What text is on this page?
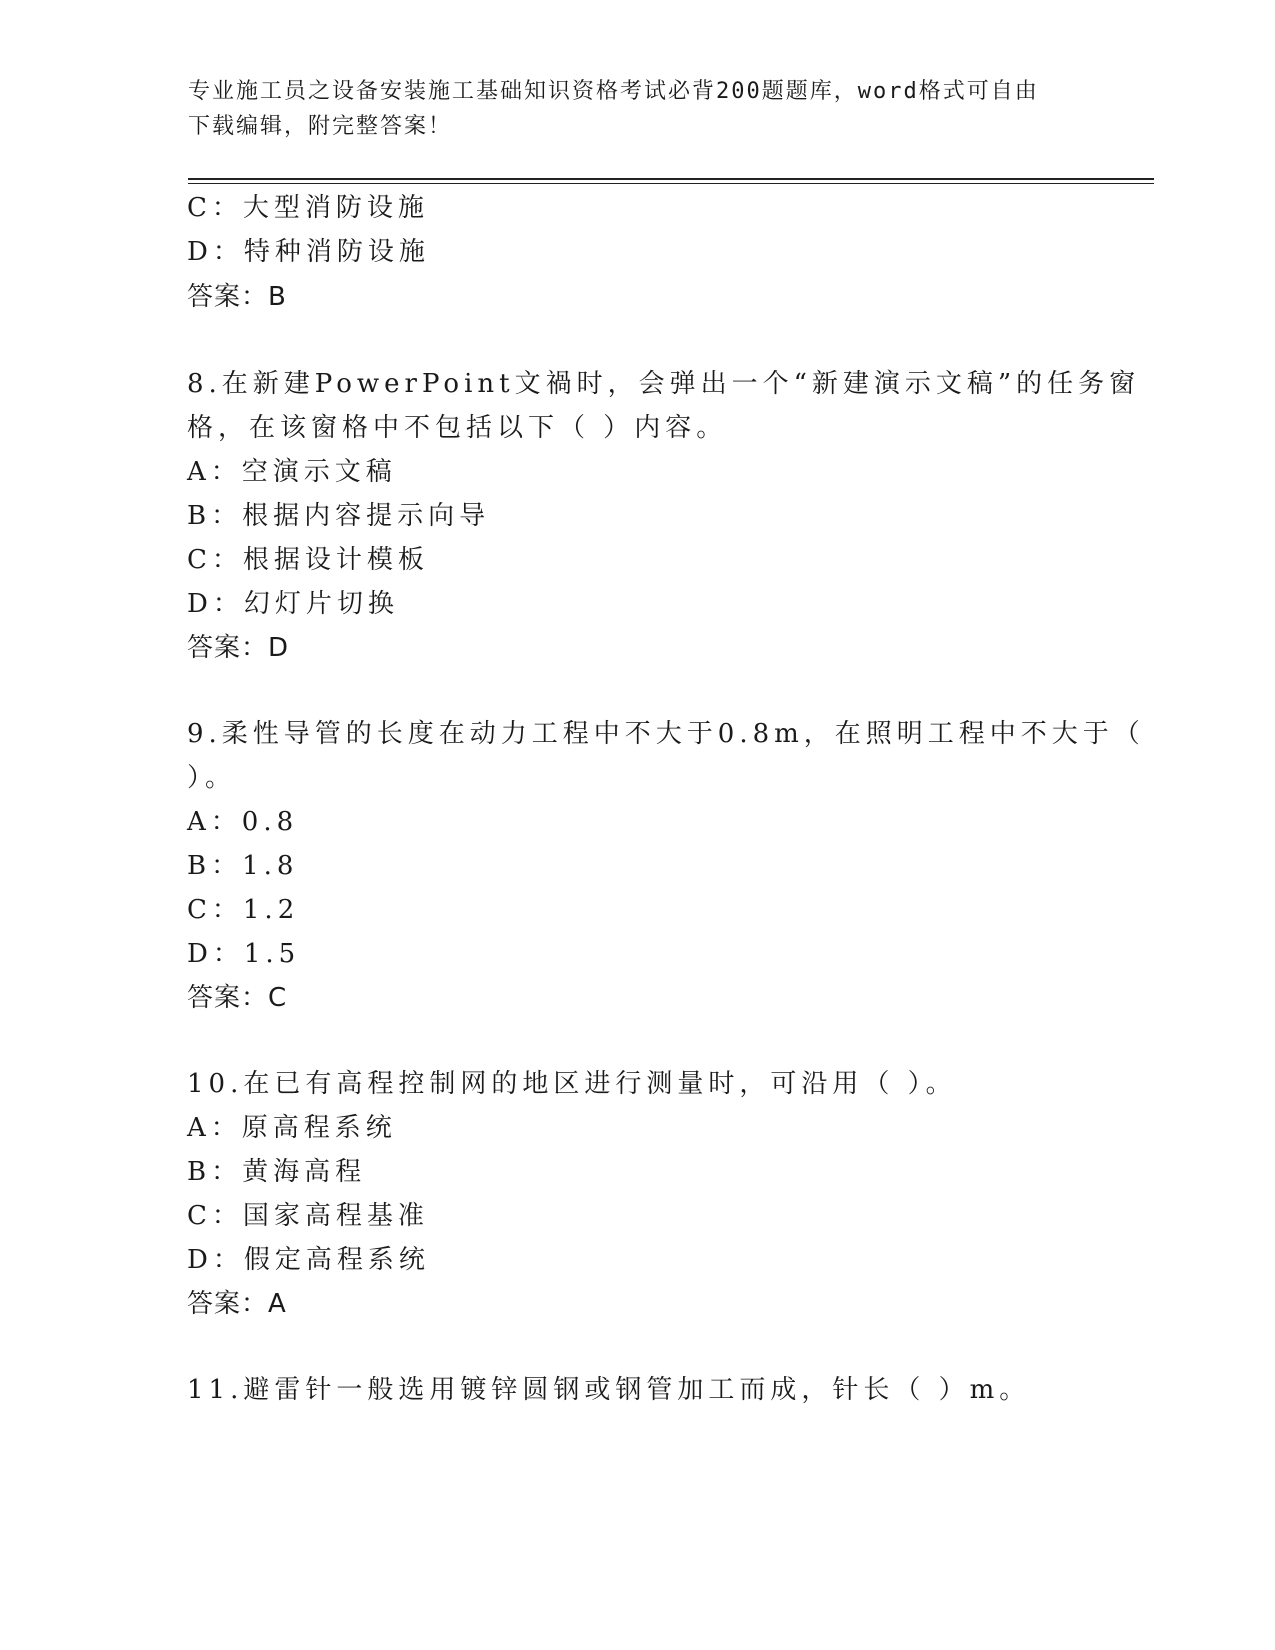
专业施工员之设备安装施工基础知识资格考试必背200题题库，word格式可自由
下载编辑，附完整答案！
C：大型消防设施
D：特种消防设施
答案：B
8.在新建PowerPoint文禍时，会弹出一个“新建演示文稿”的任务窗
格，在该窗格中不包括以下（ ）内容。
A：空演示文稿
B：根据内容提示向导
C：根据设计模板
D：幻灯片切换
答案：D
9.柔性导管的长度在动力工程中不大于0.8m，在照明工程中不大于（
）。
A：0.8
B：1.8
C：1.2
D：1.5
答案：C
10.在已有高程控制网的地区进行测量时，可沿用（ ）。
A：原高程系统
B：黄海高程
C：国家高程基准
D：假定高程系统
答案：A
11.避雷针一般选用镀锌圆钢或钢管加工而成，针长（ ）m。
